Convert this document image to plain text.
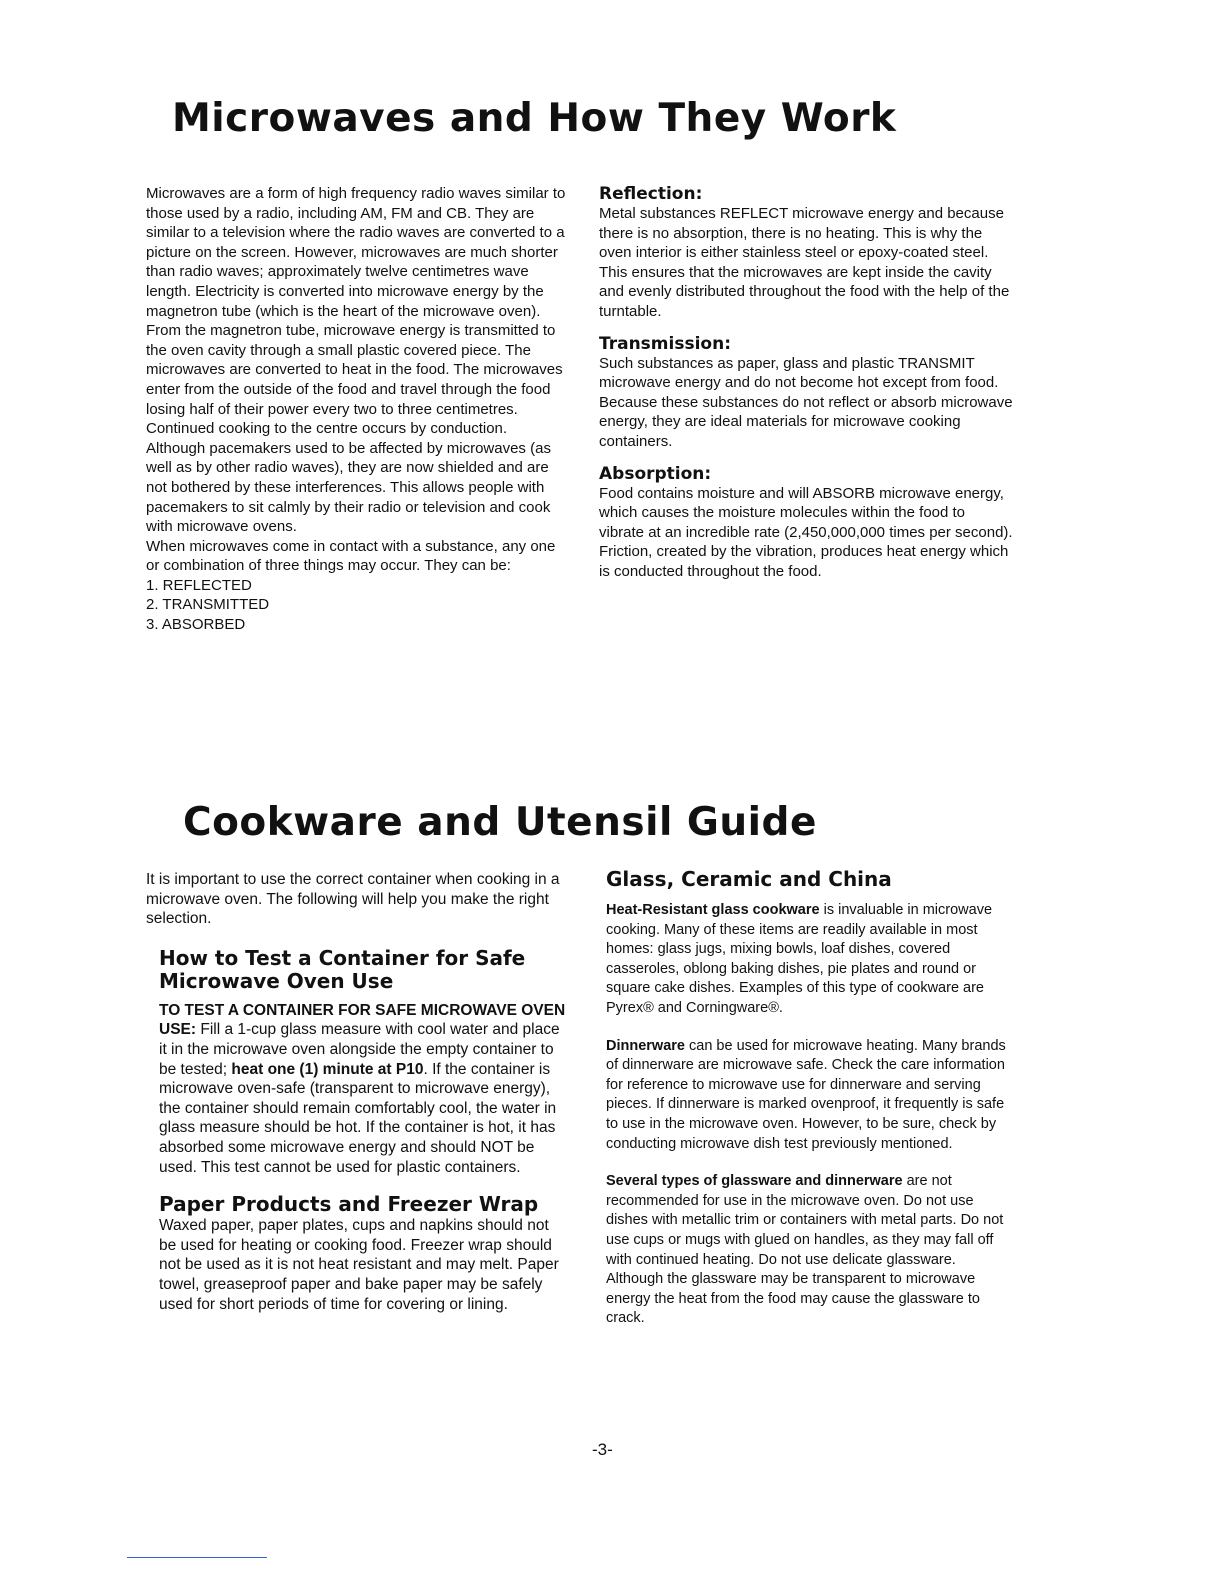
Microwaves and How They Work

Microwaves are a form of high frequency radio waves similar to those used by a radio, including AM, FM and CB. They are similar to a television where the radio waves are converted to a picture on the screen. However, microwaves are much shorter than radio waves; approximately twelve centimetres wave length. Electricity is converted into microwave energy by the magnetron tube (which is the heart of the microwave oven).

From the magnetron tube, microwave energy is transmitted to the oven cavity through a small plastic covered piece. The microwaves are converted to heat in the food. The microwaves enter from the outside of the food and travel through the food losing half of their power every two to three centimetres. Continued cooking to the centre occurs by conduction.

Although pacemakers used to be affected by microwaves (as well as by other radio waves), they are now shielded and are not bothered by these interferences. This allows people with pacemakers to sit calmly by their radio or television and cook with microwave ovens.

When microwaves come in contact with a substance, any one or combination of three things may occur. They can be:

1. REFLECTED

2. TRANSMITTED

3. ABSORBED

Reflection:

Metal substances REFLECT microwave energy and because there is no absorption, there is no heating. This is why the oven interior is either stainless steel or epoxy-coated steel. This ensures that the microwaves are kept inside the cavity and evenly distributed throughout the food with the help of the turntable.

Transmission:

Such substances as paper, glass and plastic TRANSMIT microwave energy and do not become hot except from food. Because these substances do not reflect or absorb microwave energy, they are ideal materials for microwave cooking containers.

Absorption:

Food contains moisture and will ABSORB microwave energy, which causes the moisture molecules within the food to vibrate at an incredible rate (2,450,000,000 times per second). Friction, created by the vibration, produces heat energy which is conducted throughout the food.

Cookware and Utensil Guide

It is important to use the correct container when cooking in a microwave oven. The following will help you make the right selection.

How to Test a Container for Safe Microwave Oven Use

TO TEST A CONTAINER FOR SAFE MICROWAVE OVEN USE: Fill a 1-cup glass measure with cool water and place it in the microwave oven alongside the empty container to be tested; heat one (1) minute at P10. If the container is microwave oven-safe (transparent to microwave energy), the container should remain comfortably cool, the water in glass measure should be hot. If the container is hot, it has absorbed some microwave energy and should NOT be used. This test cannot be used for plastic containers.

Paper Products and Freezer Wrap

Waxed paper, paper plates, cups and napkins should not be used for heating or cooking food. Freezer wrap should not be used as it is not heat resistant and may melt. Paper towel, greaseproof paper and bake paper may be safely used for short periods of time for covering or lining.

Glass, Ceramic and China

Heat-Resistant glass cookware is invaluable in microwave cooking. Many of these items are readily available in most homes: glass jugs, mixing bowls, loaf dishes, covered casseroles, oblong baking dishes, pie plates and round or square cake dishes. Examples of this type of cookware are Pyrex® and Corningware®.

Dinnerware can be used for microwave heating. Many brands of dinnerware are microwave safe. Check the care information for reference to microwave use for dinnerware and serving pieces. If dinnerware is marked ovenproof, it frequently is safe to use in the microwave oven. However, to be sure, check by conducting microwave dish test previously mentioned.

Several types of glassware and dinnerware are not recommended for use in the microwave oven. Do not use dishes with metallic trim or containers with metal parts. Do not use cups or mugs with glued on handles, as they may fall off with continued heating. Do not use delicate glassware. Although the glassware may be transparent to microwave energy the heat from the food may cause the glassware to crack.

-3-
